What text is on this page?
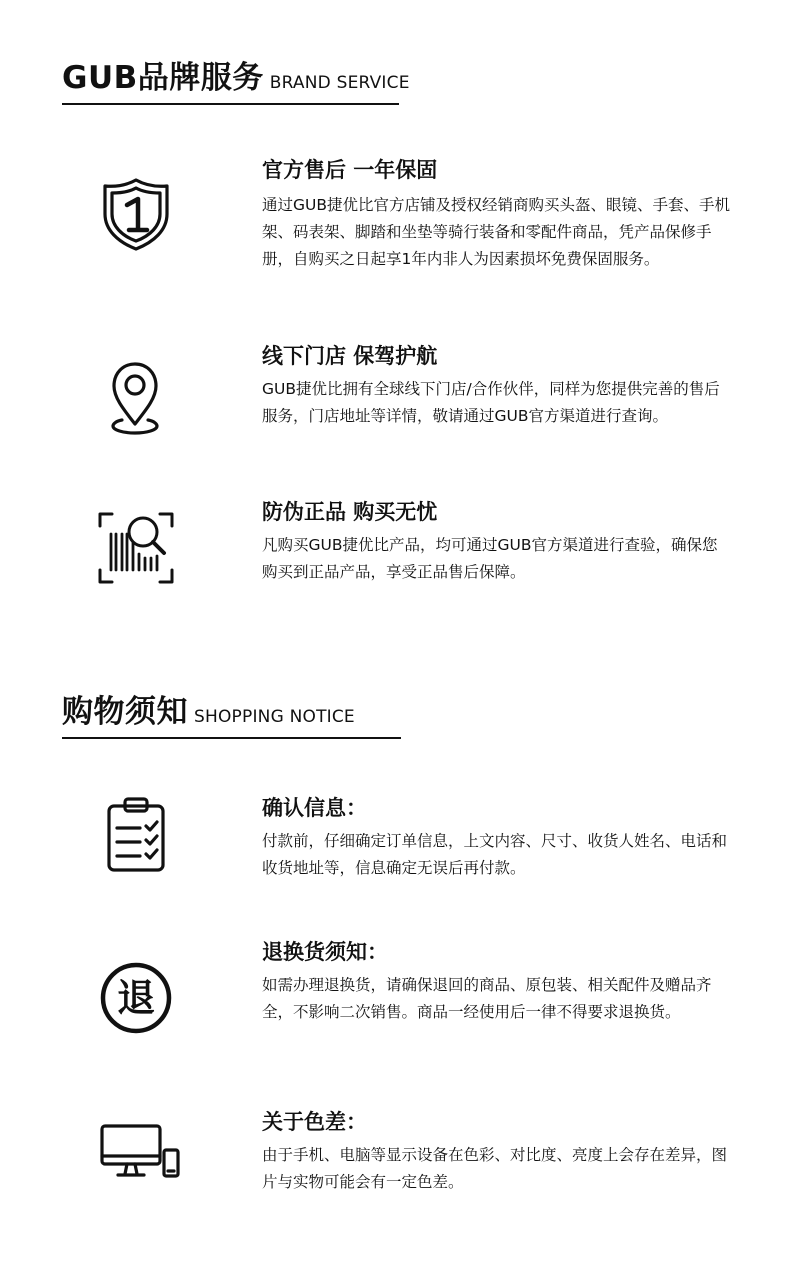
GUB品牌服务 BRAND SERVICE
官方售后 一年保固
通过GUB捷优比官方店铺及授权经销商购买头盔、眼镜、手套、手机架、码表架、脚踏和坐垫等骑行装备和零配件商品，凭产品保修手册，自购买之日起享1年内非人为因素损坏免费保固服务。
线下门店 保驾护航
GUB捷优比拥有全球线下门店/合作伙伴，同样为您提供完善的售后服务，门店地址等详情，敬请通过GUB官方渠道进行查询。
防伪正品 购买无忧
凡购买GUB捷优比产品，均可通过GUB官方渠道进行查验，确保您购买到正品产品，享受正品售后保障。
购物须知 SHOPPING NOTICE
确认信息：
付款前，仔细确定订单信息，上文内容、尺寸、收货人姓名、电话和收货地址等，信息确定无误后再付款。
退
退换货须知：
如需办理退换货，请确保退回的商品、原包装、相关配件及赠品齐全，不影响二次销售。商品一经使用后一律不得要求退换货。
关于色差：
由于手机、电脑等显示设备在色彩、对比度、亮度上会存在差异，图片与实物可能会有一定色差。
